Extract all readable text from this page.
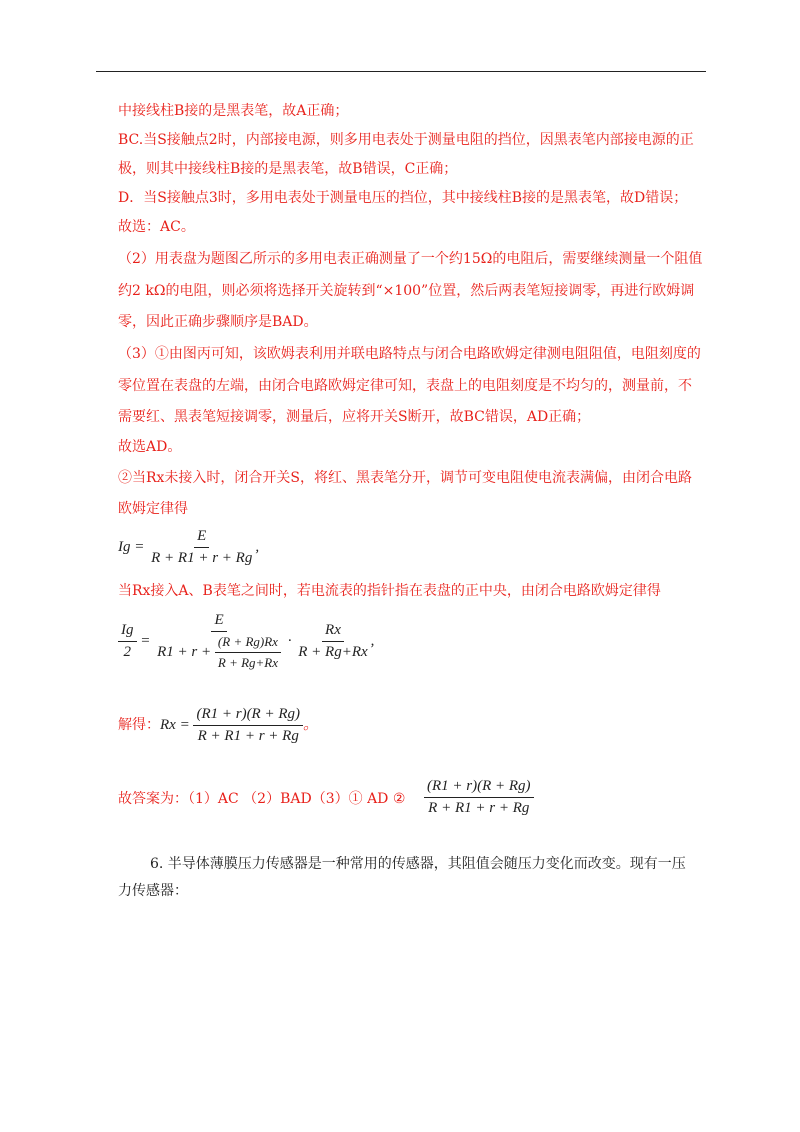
中接线柱B接的是黑表笔，故A正确；
BC.当S接触点2时，内部接电源，则多用电表处于测量电阻的挡位，因黑表笔内部接电源的正
极，则其中接线柱B接的是黑表笔，故B错误，C正确；
D．当S接触点3时，多用电表处于测量电压的挡位，其中接线柱B接的是黑表笔，故D错误；
故选：AC。
（2）用表盘为题图乙所示的多用电表正确测量了一个约15Ω的电阻后，需要继续测量一个阻值
约2 kΩ的电阻，则必须将选择开关旋转到“×100”位置，然后两表笔短接调零，再进行欧姆调
零，因此正确步骤顺序是BAD。
（3）①由图丙可知，该欧姆表利用并联电路特点与闭合电路欧姆定律测电阻阻值，电阻刻度的
零位置在表盘的左端，由闭合电路欧姆定律可知，表盘上的电阻刻度是不均匀的，测量前，不
需要红、黑表笔短接调零，测量后，应将开关S断开，故BC错误，AD正确；
故选AD。
②当Rx未接入时，闭合开关S，将红、黑表笔分开，调节可变电阻使电流表满偏，由闭合电路
欧姆定律得
$Ig = \frac{E}{R + R1 + r + Rg}$ ,
当Rx接入A、B表笔之间时，若电流表的指针指在表盘的正中央，由闭合电路欧姆定律得
$\frac{Ig}{2} = \frac{E}{R1 + r + \frac{(R + Rg)Rx}{R + Rg+Rx}} \cdot \frac{Rx}{R + Rg+Rx}$ ,
解得： $Rx = \frac{(R1 + r)(R + Rg)}{R + R1 + r + Rg}$ 。
故答案为：（1）AC （2）BAD（3）① AD ② $\frac{(R1 + r)(R + Rg)}{R + R1 + r + Rg}$
6. 半导体薄膜压力传感器是一种常用的传感器，其阻值会随压力变化而改变。现有一压
力传感器：
